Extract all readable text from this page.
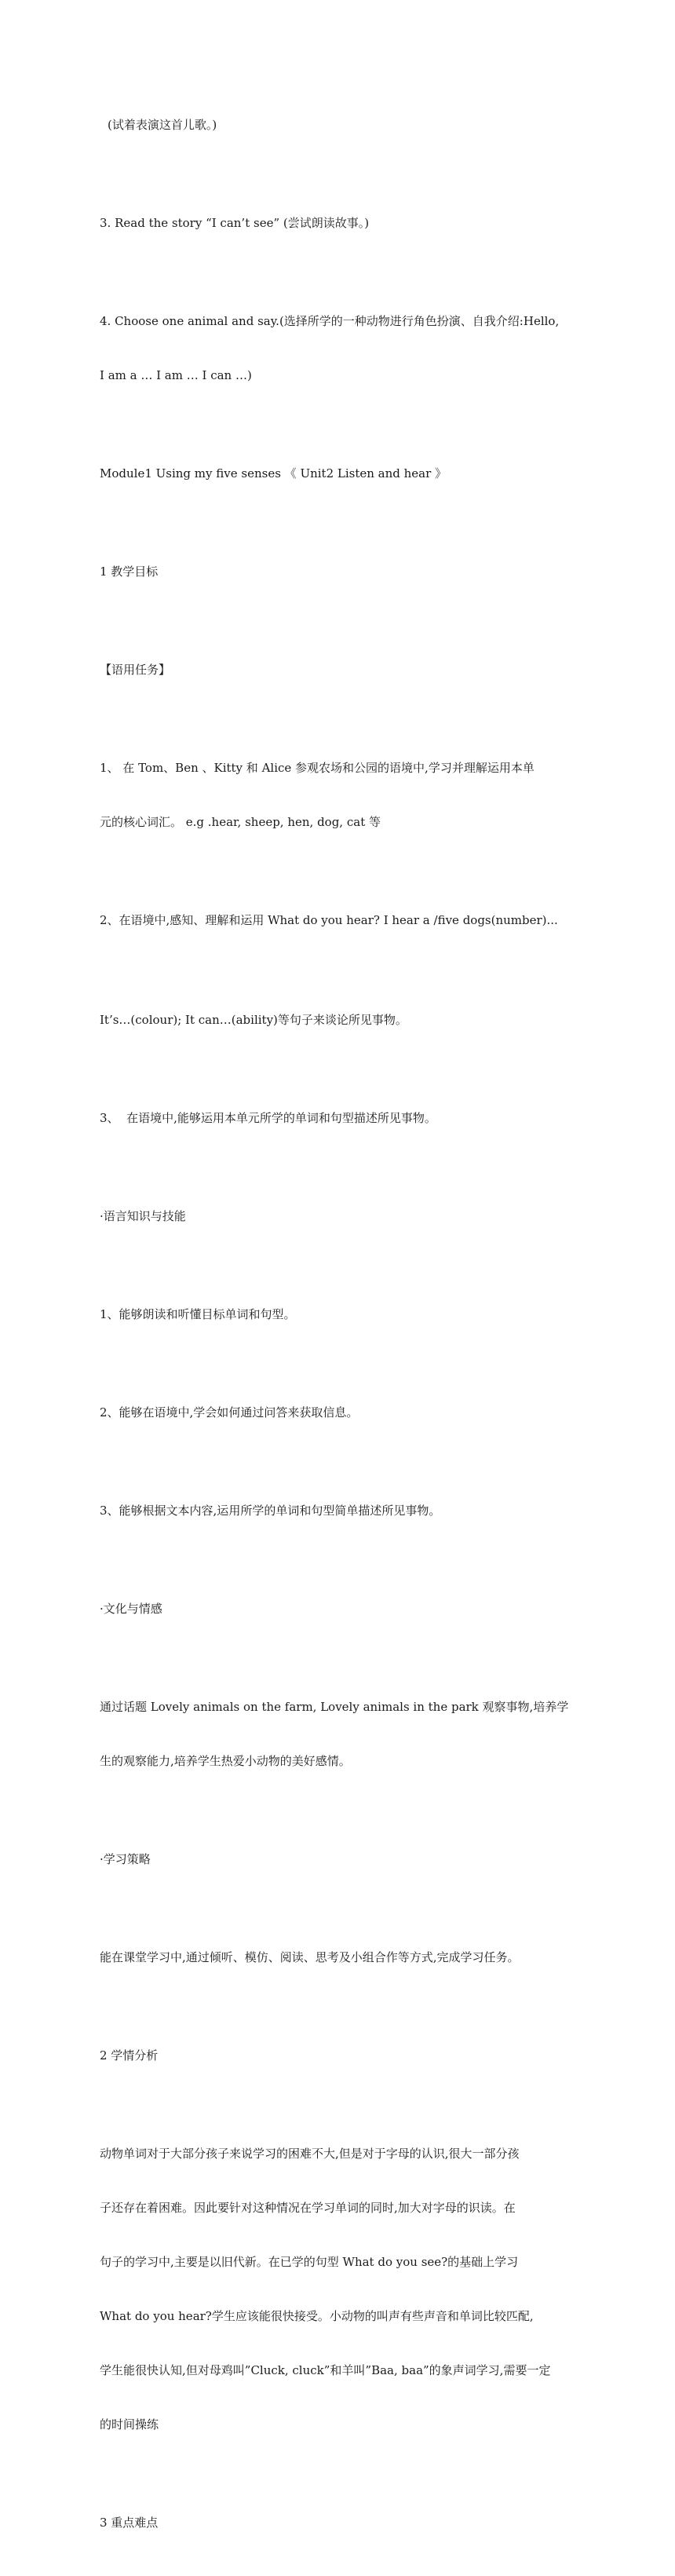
(试着表演这首儿歌。)

3. Read the story “I can’t see” (尝试朗读故事。)

4. Choose one animal and say.(选择所学的一种动物进行角色扮演、自我介绍:Hello,

I am a … I am … I can …)

Module1 Using my five senses 《 Unit2 Listen and hear 》

1 教学目标

【语用任务】

1、 在 Tom、Ben 、Kitty 和 Alice 参观农场和公园的语境中,学习并理解运用本单

元的核心词汇。 e.g .hear, sheep, hen, dog, cat 等

2、在语境中,感知、理解和运用 What do you hear? I hear a /five dogs(number)...

It’s…(colour); It can…(ability)等句子来谈论所见事物。

3、  在语境中,能够运用本单元所学的单词和句型描述所见事物。

·语言知识与技能

1、能够朗读和听懂目标单词和句型。

2、能够在语境中,学会如何通过问答来获取信息。

3、能够根据文本内容,运用所学的单词和句型简单描述所见事物。

·文化与情感

通过话题 Lovely animals on the farm, Lovely animals in the park 观察事物,培养学

生的观察能力,培养学生热爱小动物的美好感情。

·学习策略

能在课堂学习中,通过倾听、模仿、阅读、思考及小组合作等方式,完成学习任务。

2 学情分析

动物单词对于大部分孩子来说学习的困难不大,但是对于字母的认识,很大一部分孩

子还存在着困难。因此要针对这种情况在学习单词的同时,加大对字母的识读。在

句子的学习中,主要是以旧代新。在已学的句型 What do you see?的基础上学习

What do you hear?学生应该能很快接受。小动物的叫声有些声音和单词比较匹配,

学生能很快认知,但对母鸡叫”Cluck, cluck”和羊叫”Baa, baa”的象声词学习,需要一定

的时间操练

3 重点难点
